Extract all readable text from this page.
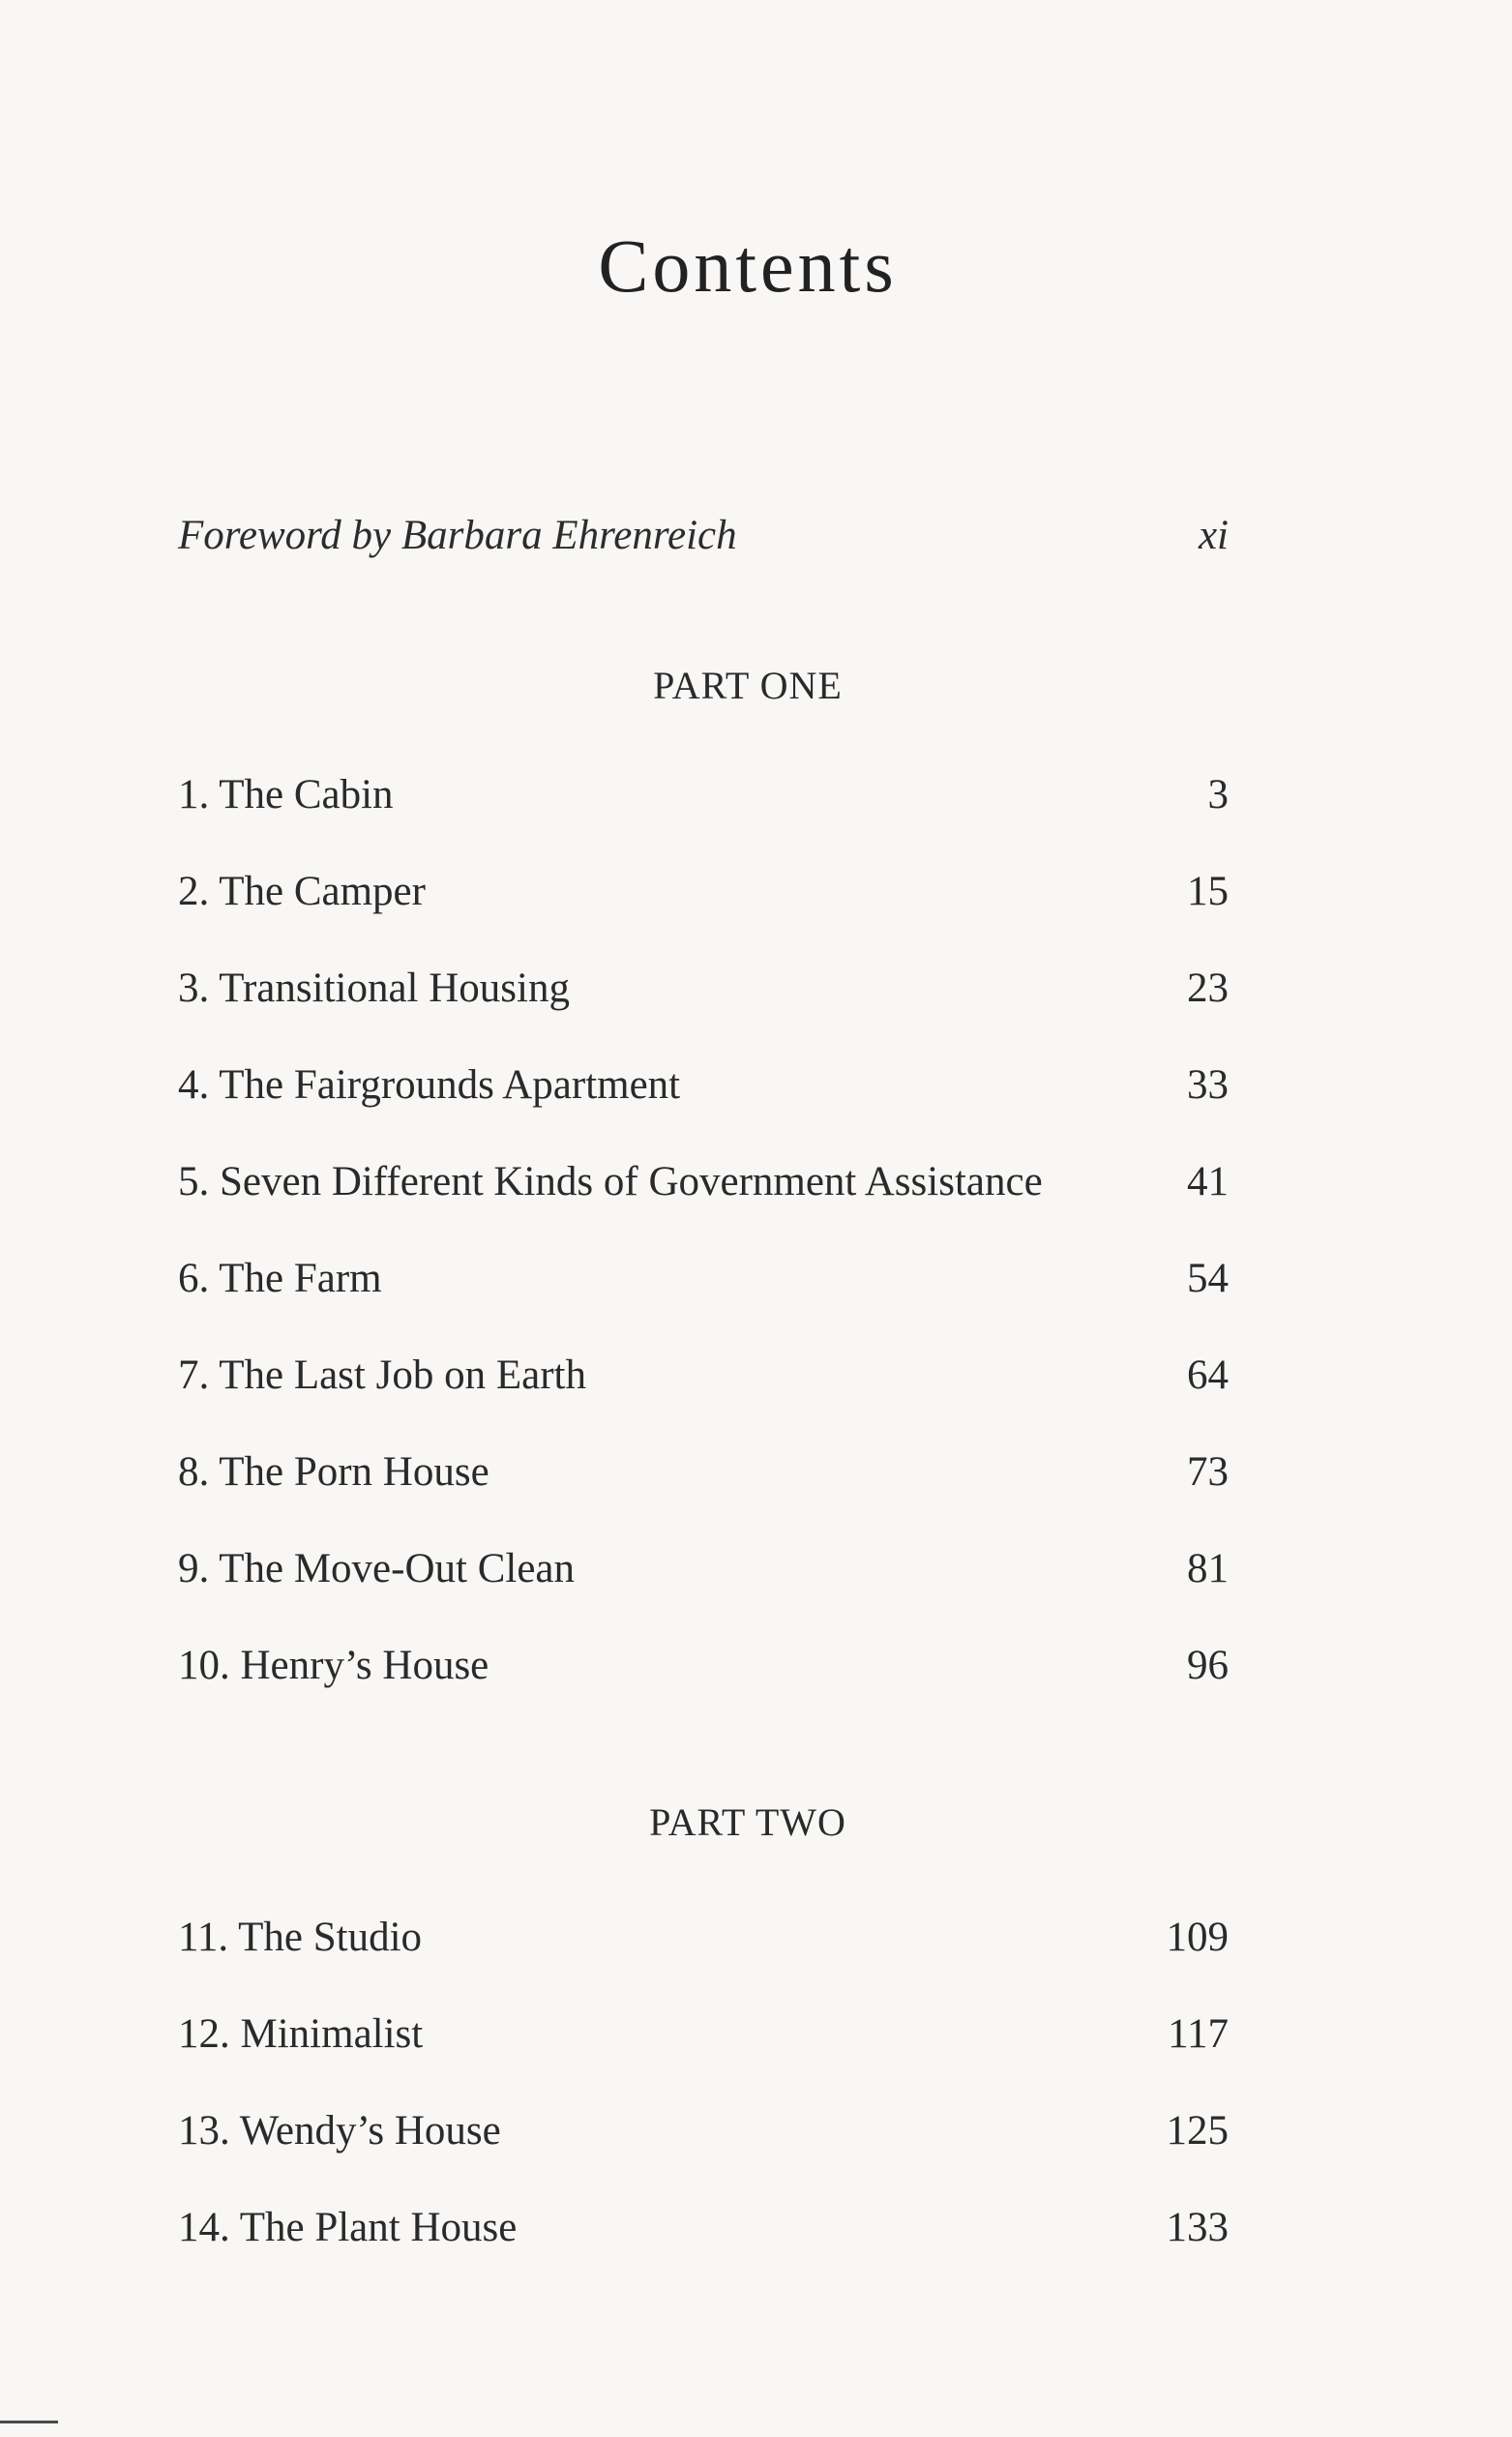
Contents
Foreword by Barbara Ehrenreich	xi
PART ONE
1. The Cabin	3
2. The Camper	15
3. Transitional Housing	23
4. The Fairgrounds Apartment	33
5. Seven Different Kinds of Government Assistance	41
6. The Farm	54
7. The Last Job on Earth	64
8. The Porn House	73
9. The Move-Out Clean	81
10. Henry’s House	96
PART TWO
11. The Studio	109
12. Minimalist	117
13. Wendy’s House	125
14. The Plant House	133
